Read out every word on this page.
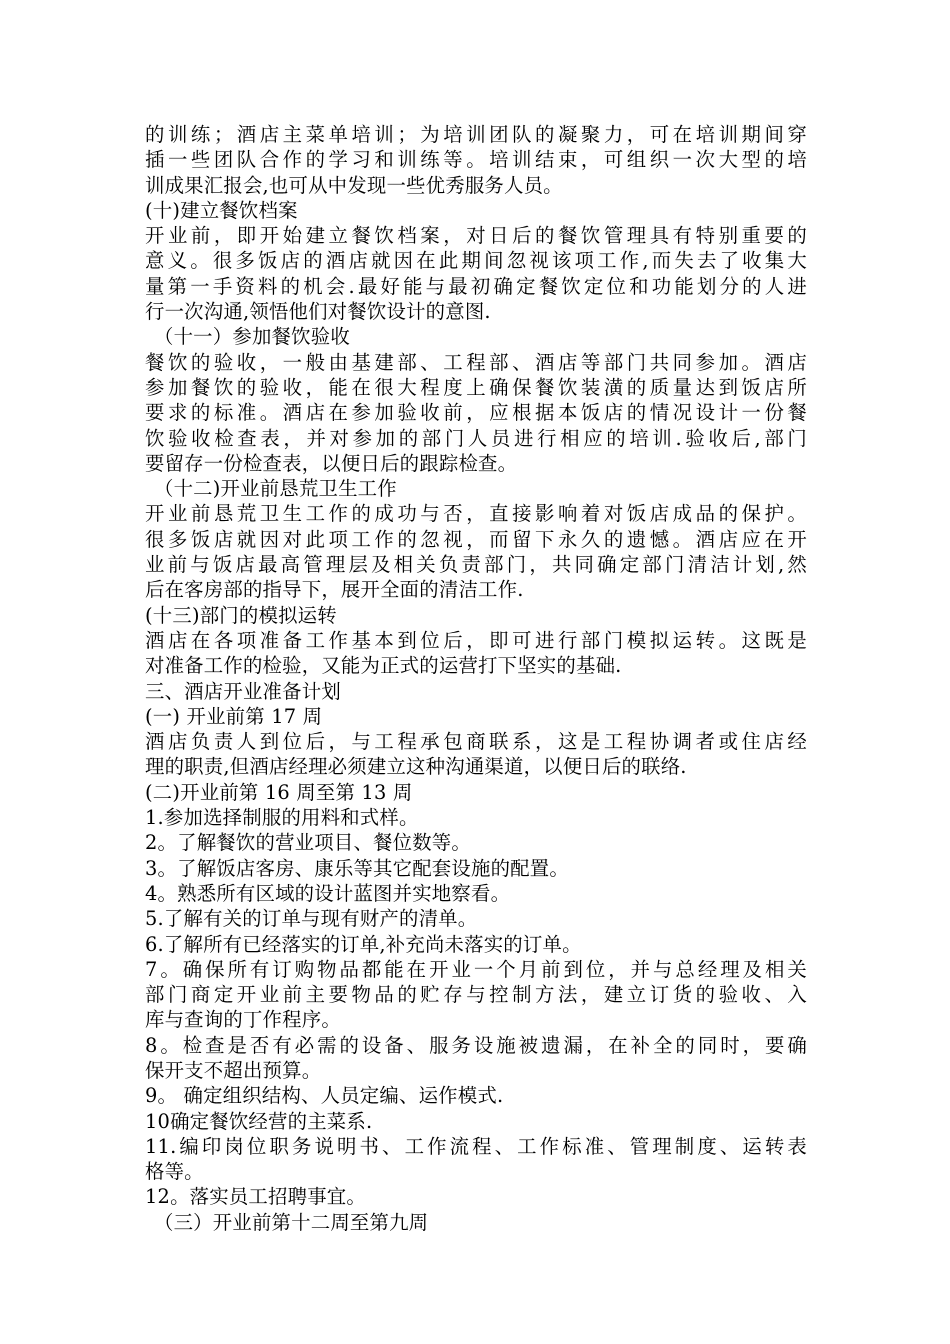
的训练；酒店主菜单培训；为培训团队的凝聚力，可在培训期间穿
插一些团队合作的学习和训练等。培训结束，可组织一次大型的培
训成果汇报会,也可从中发现一些优秀服务人员。
(十)建立餐饮档案
开业前，即开始建立餐饮档案，对日后的餐饮管理具有特别重要的
意义。很多饭店的酒店就因在此期间忽视该项工作,而失去了收集大
量第一手资料的机会.最好能与最初确定餐饮定位和功能划分的人进
行一次沟通,领悟他们对餐饮设计的意图.
（十一）参加餐饮验收
餐饮的验收，一般由基建部、工程部、酒店等部门共同参加。酒店
参加餐饮的验收，能在很大程度上确保餐饮装潢的质量达到饭店所
要求的标准。酒店在参加验收前，应根据本饭店的情况设计一份餐
饮验收检查表，并对参加的部门人员进行相应的培训.验收后,部门
要留存一份检查表，以便日后的跟踪检查。
（十二)开业前恳荒卫生工作
开业前恳荒卫生工作的成功与否，直接影响着对饭店成品的保护。
很多饭店就因对此项工作的忽视，而留下永久的遗憾。酒店应在开
业前与饭店最高管理层及相关负责部门，共同确定部门清洁计划,然
后在客房部的指导下，展开全面的清洁工作.
(十三)部门的模拟运转
酒店在各项准备工作基本到位后，即可进行部门模拟运转。这既是
对准备工作的检验，又能为正式的运营打下坚实的基础.
三、酒店开业准备计划
(一) 开业前第 17 周
酒店负责人到位后，与工程承包商联系，这是工程协调者或住店经
理的职责,但酒店经理必须建立这种沟通渠道，以便日后的联络.
(二)开业前第 16 周至第 13 周
1.参加选择制服的用料和式样。
2。了解餐饮的营业项目、餐位数等。
3。了解饭店客房、康乐等其它配套设施的配置。
4。熟悉所有区域的设计蓝图并实地察看。
5.了解有关的订单与现有财产的清单。
6.了解所有已经落实的订单,补充尚未落实的订单。
7。确保所有订购物品都能在开业一个月前到位，并与总经理及相关
部门商定开业前主要物品的贮存与控制方法，建立订货的验收、入
库与查询的丁作程序。
8。检查是否有必需的设备、服务设施被遗漏，在补全的同时，要确
保开支不超出预算。
9。 确定组织结构、人员定编、运作模式.
10确定餐饮经营的主菜系.
11.编印岗位职务说明书、工作流程、工作标准、管理制度、运转表
格等。
12。落实员工招聘事宜。
（三）开业前第十二周至第九周
